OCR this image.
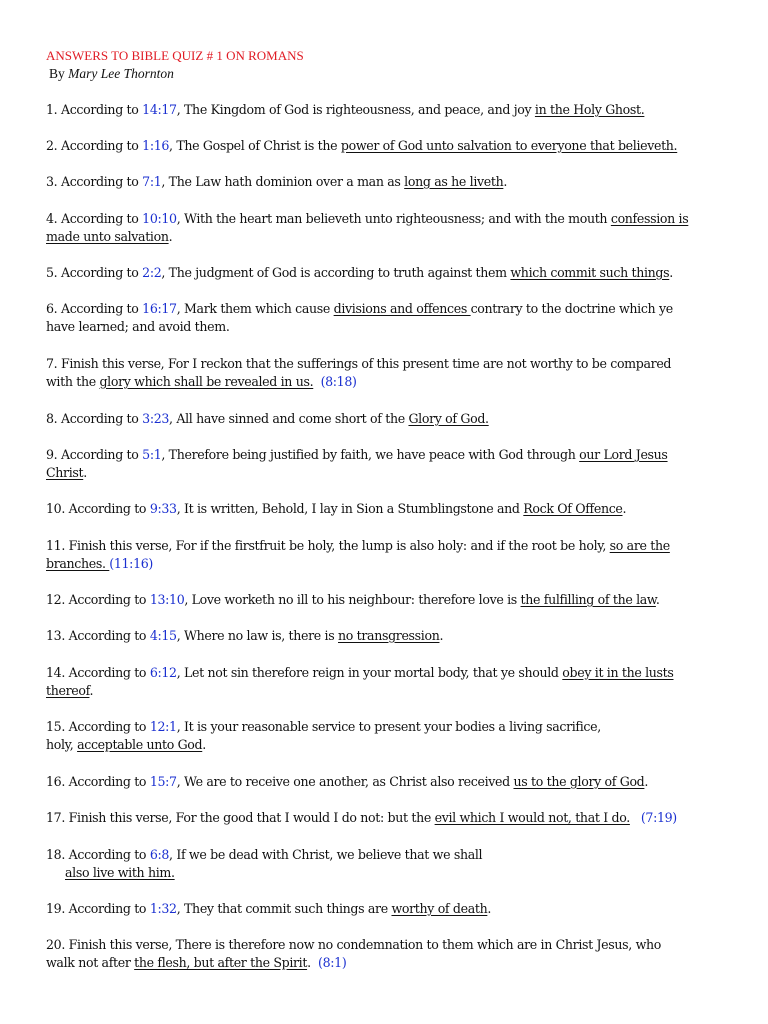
ANSWERS TO BIBLE QUIZ # 1 ON ROMANS
By Mary Lee Thornton
1. According to 14:17, The Kingdom of God is righteousness, and peace, and joy in the Holy Ghost.
2. According to 1:16, The Gospel of Christ is the power of God unto salvation to everyone that believeth.
3. According to 7:1, The Law hath dominion over a man as long as he liveth.
4. According to 10:10, With the heart man believeth unto righteousness; and with the mouth confession is
made unto salvation.
5. According to 2:2, The judgment of God is according to truth against them which commit such things.
6. According to 16:17, Mark them which cause divisions and offences contrary to the doctrine which ye
have learned; and avoid them.
7. Finish this verse, For I reckon that the sufferings of this present time are not worthy to be compared
with the glory which shall be revealed in us. (8:18)
8. According to 3:23, All have sinned and come short of the Glory of God.
9. According to 5:1, Therefore being justified by faith, we have peace with God through our Lord Jesus
Christ.
10. According to 9:33, It is written, Behold, I lay in Sion a Stumblingstone and Rock Of Offence.
11. Finish this verse, For if the firstfruit be holy, the lump is also holy: and if the root be holy, so are the
branches. (11:16)
12. According to 13:10, Love worketh no ill to his neighbour: therefore love is the fulfilling of the law.
13. According to 4:15, Where no law is, there is no transgression.
14. According to 6:12, Let not sin therefore reign in your mortal body, that ye should obey it in the lusts
thereof.
15. According to 12:1, It is your reasonable service to present your bodies a living sacrifice,
holy, acceptable unto God.
16. According to 15:7, We are to receive one another, as Christ also received us to the glory of God.
17. Finish this verse, For the good that I would I do not: but the evil which I would not, that I do. (7:19)
18. According to 6:8, If we be dead with Christ, we believe that we shall
also live with him.
19. According to 1:32, They that commit such things are worthy of death.
20. Finish this verse, There is therefore now no condemnation to them which are in Christ Jesus, who
walk not after the flesh, but after the Spirit. (8:1)
